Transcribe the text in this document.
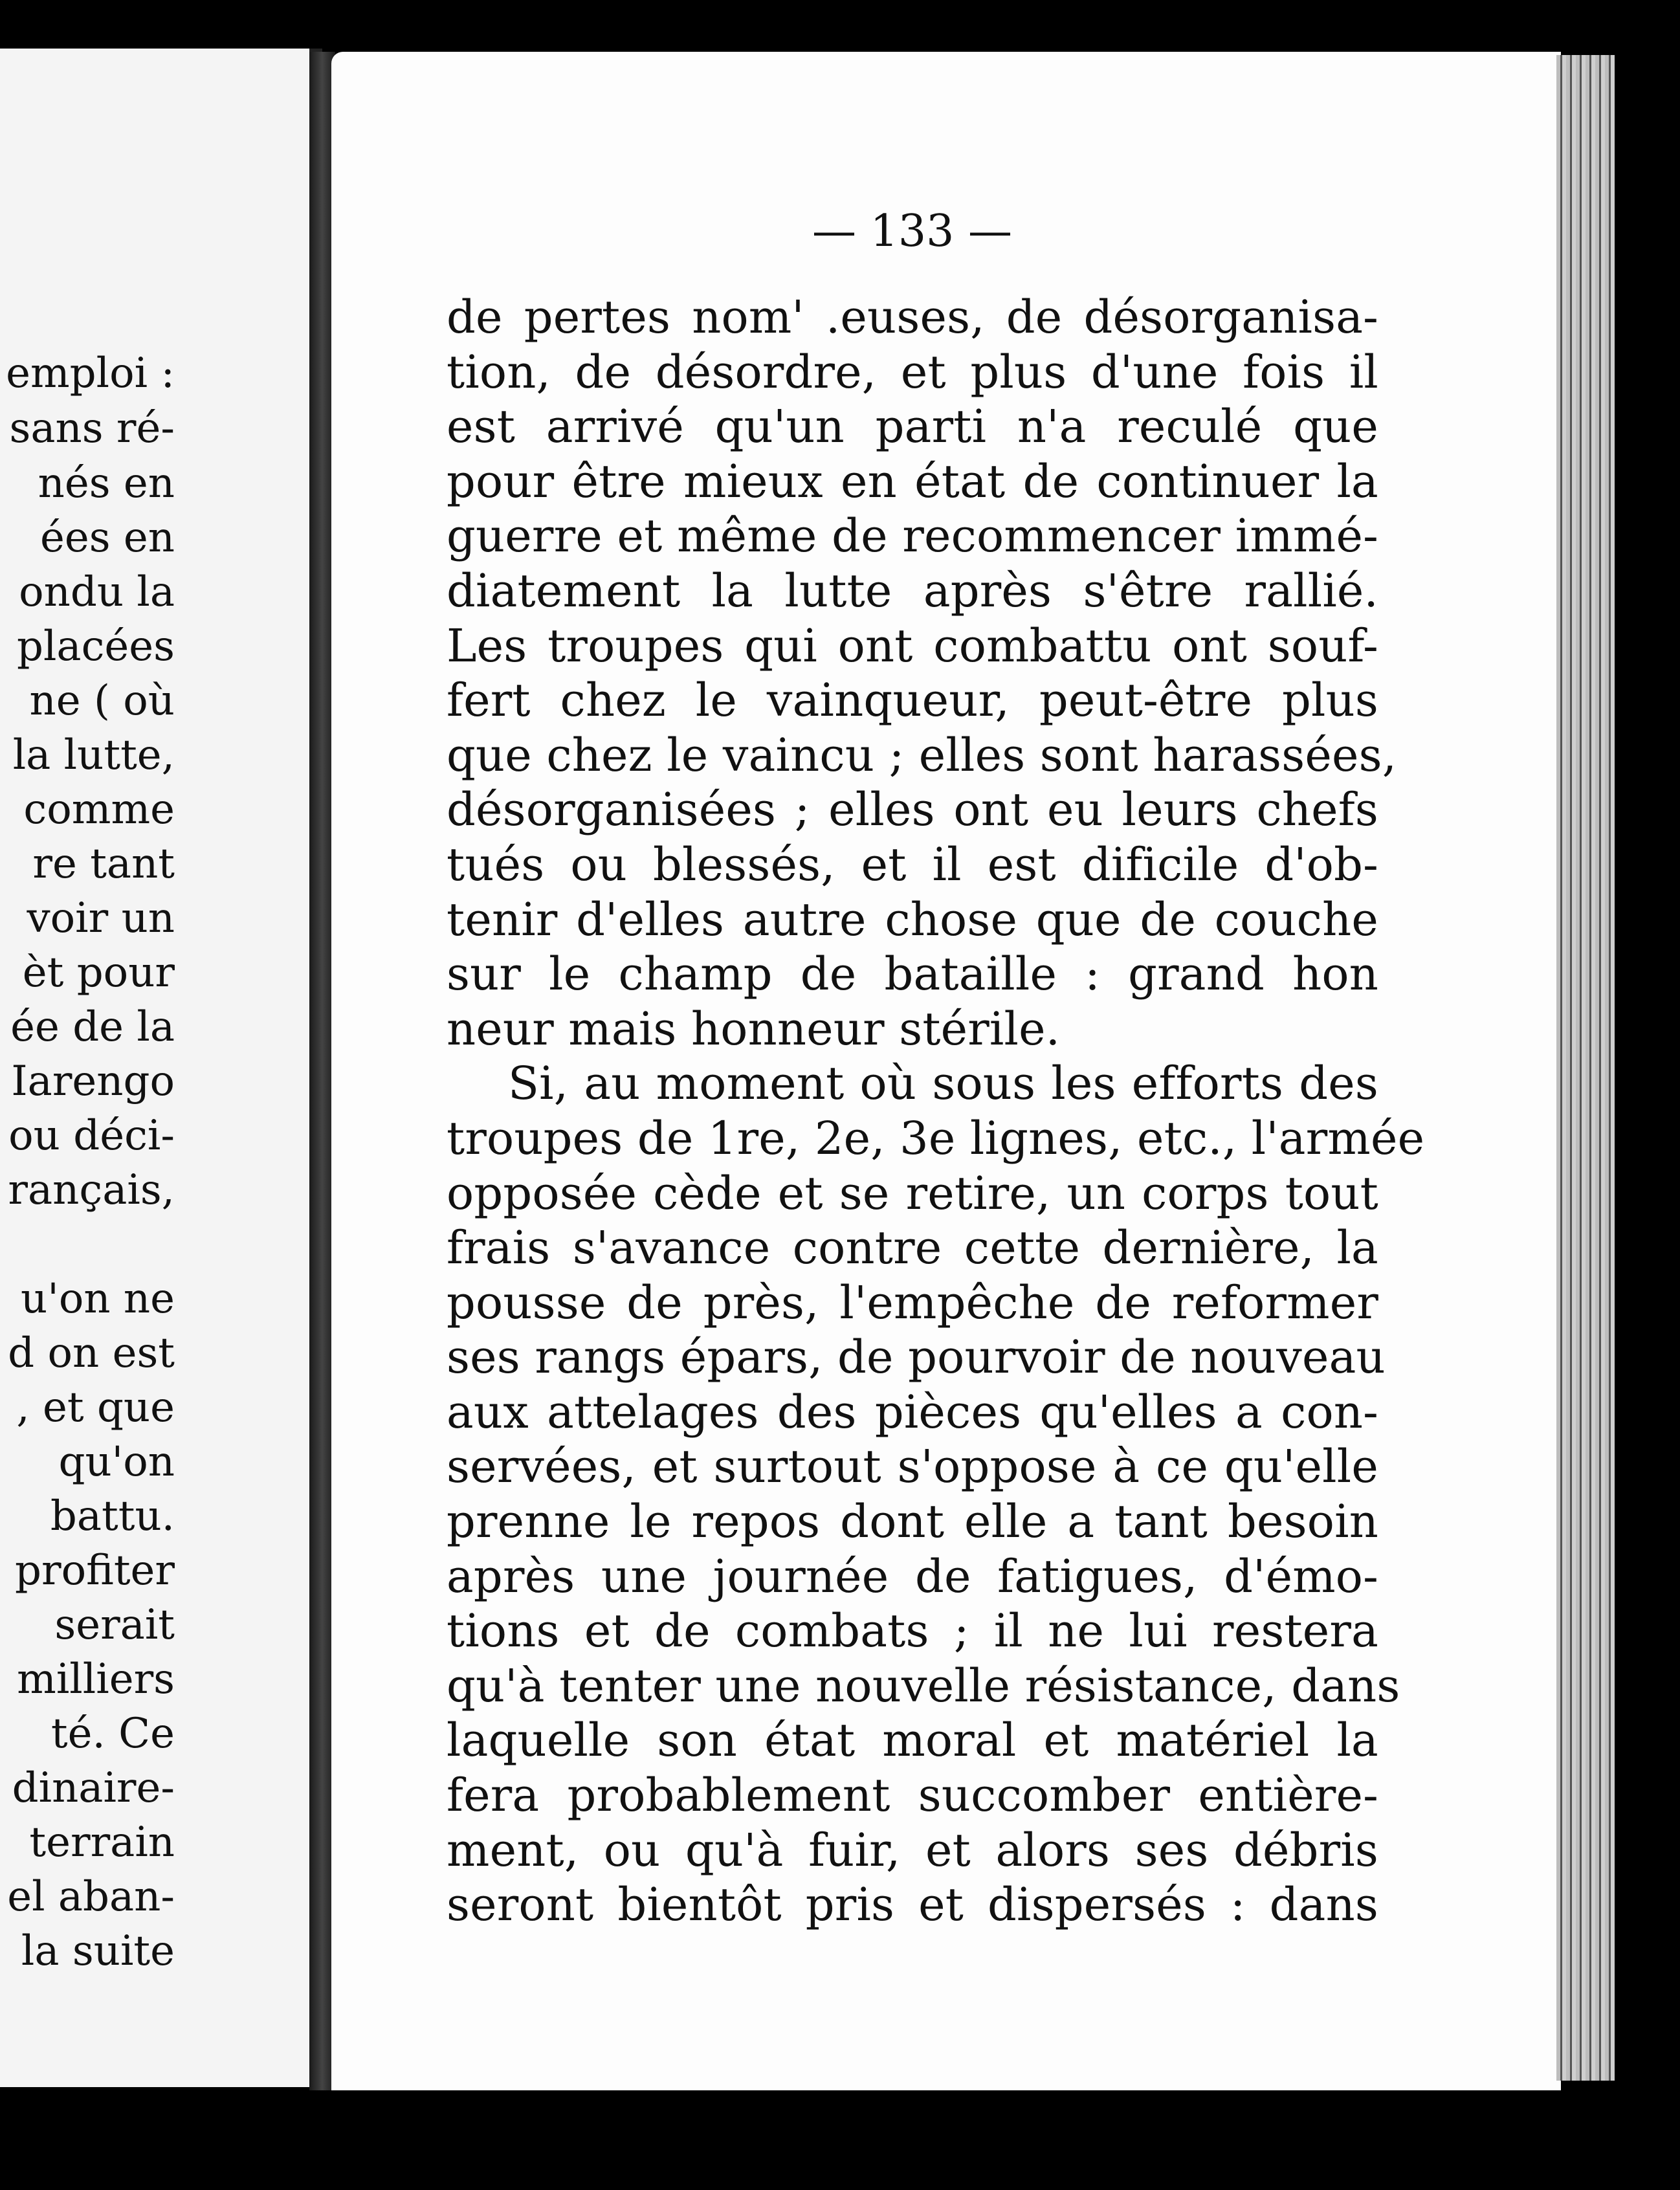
emploi :
sans ré-
nés en
ées en
ondu la
placées
ne ( où
la lutte,
comme
re tant
voir un
èt pour
ée de la
Iarengo
ou déci-
rançais,
u'on ne
d on est
, et que
qu'on
battu.
profiter
serait
milliers
té. Ce
dinaire-
terrain
el aban-
la suite
— 133 —
de pertes nom' .euses, de désorganisa-
tion, de désordre, et plus d'une fois il
est arrivé qu'un parti n'a reculé que
pour être mieux en état de continuer la
guerre et même de recommencer immé-
diatement la lutte après s'être rallié.
Les troupes qui ont combattu ont souf-
fert chez le vainqueur, peut-être plus
que chez le vaincu ; elles sont harassées,
désorganisées ; elles ont eu leurs chefs
tués ou blessés, et il est dificile d'ob-
tenir d'elles autre chose que de couche
sur le champ de bataille : grand hon
neur mais honneur stérile.
Si, au moment où sous les efforts des
troupes de 1re, 2e, 3e lignes, etc., l'armée
opposée cède et se retire, un corps tout
frais s'avance contre cette dernière, la
pousse de près, l'empêche de reformer
ses rangs épars, de pourvoir de nouveau
aux attelages des pièces qu'elles a con-
servées, et surtout s'oppose à ce qu'elle
prenne le repos dont elle a tant besoin
après une journée de fatigues, d'émo-
tions et de combats ; il ne lui restera
qu'à tenter une nouvelle résistance, dans
laquelle son état moral et matériel la
fera probablement succomber entière-
ment, ou qu'à fuir, et alors ses débris
seront bientôt pris et dispersés : dans
